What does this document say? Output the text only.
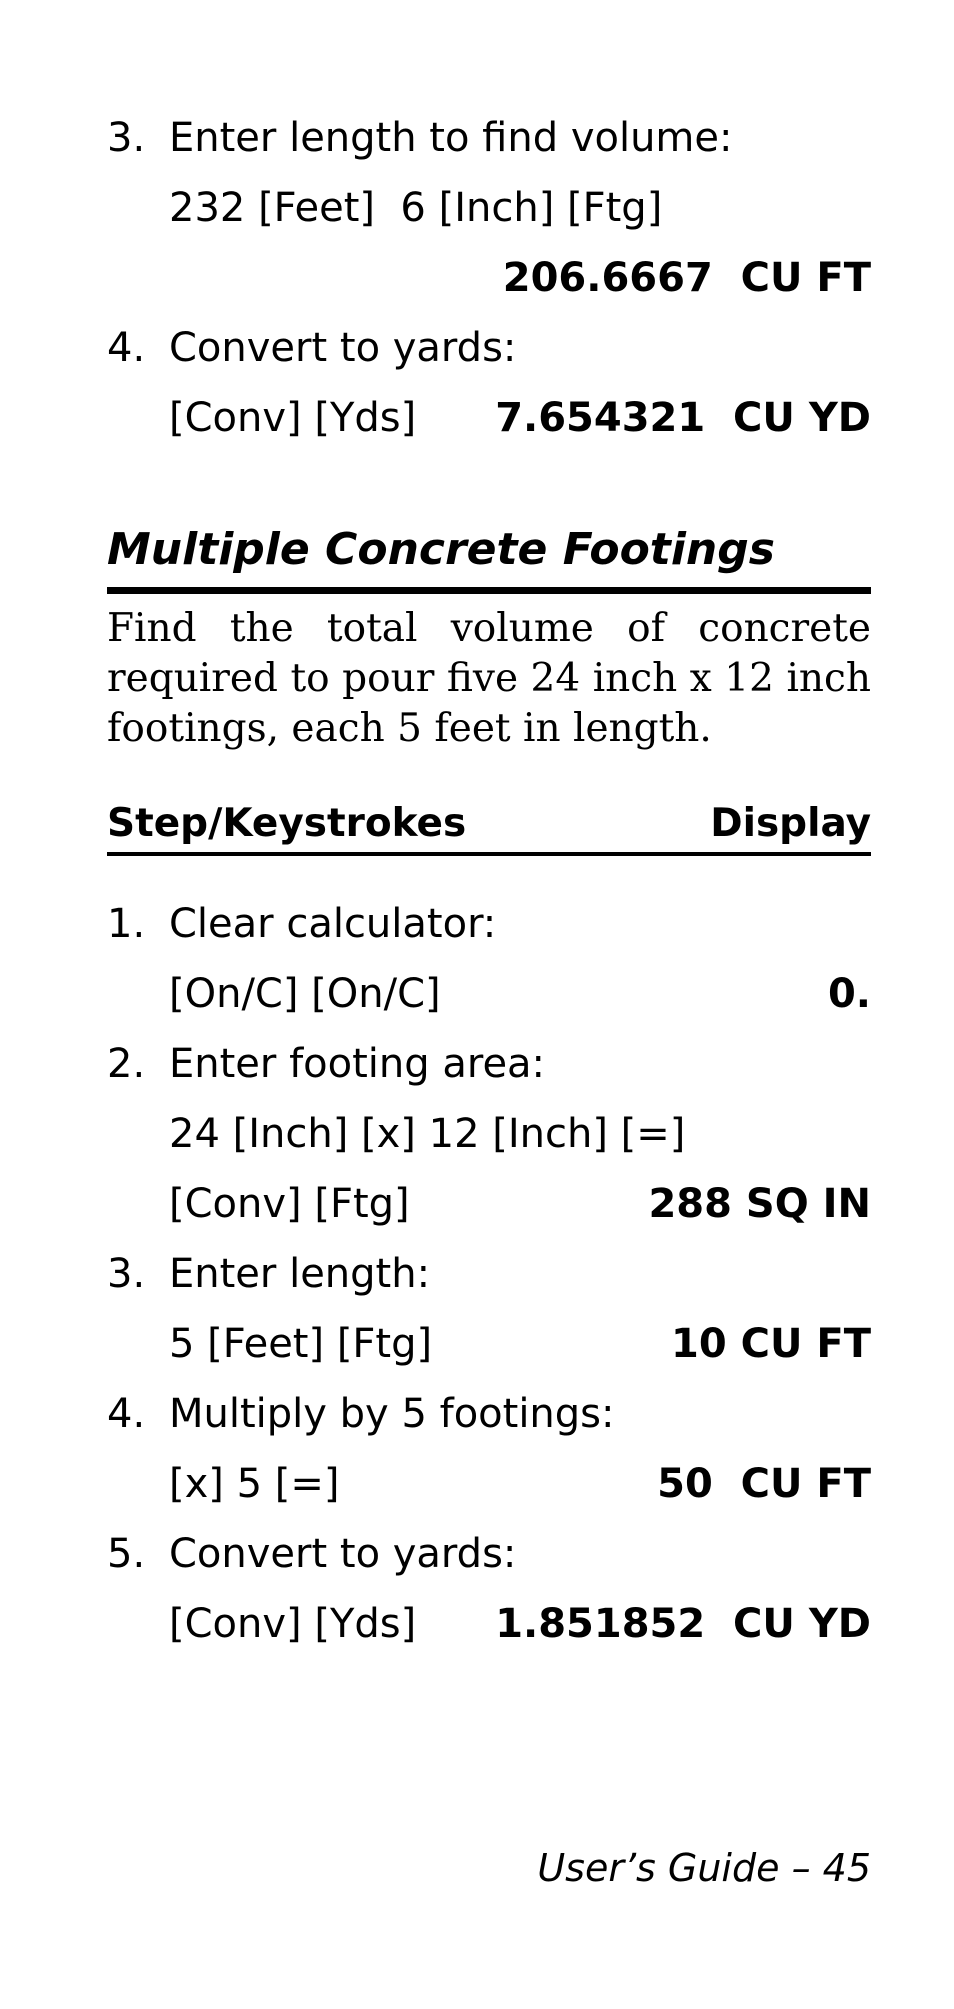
3. Enter length to find volume:
232 [Feet]  6 [Inch] [Ftg]
206.6667  CU FT
4. Convert to yards:
[Conv] [Yds] 7.654321  CU YD
Multiple Concrete Footings

Find the total volume of concrete required to pour five 24 inch x 12 inch footings, each 5 feet in length.

Step/Keystrokes	Display
1. Clear calculator:
[On/C] [On/C]	0.
2. Enter footing area:
24 [Inch] [x] 12 [Inch] [=]
[Conv] [Ftg]	288 SQ IN
3. Enter length:
5 [Feet] [Ftg]	10 CU FT
4. Multiply by 5 footings:
[x] 5 [=]	50  CU FT
5. Convert to yards:
[Conv] [Yds] 1.851852  CU YD
User’s Guide – 45
